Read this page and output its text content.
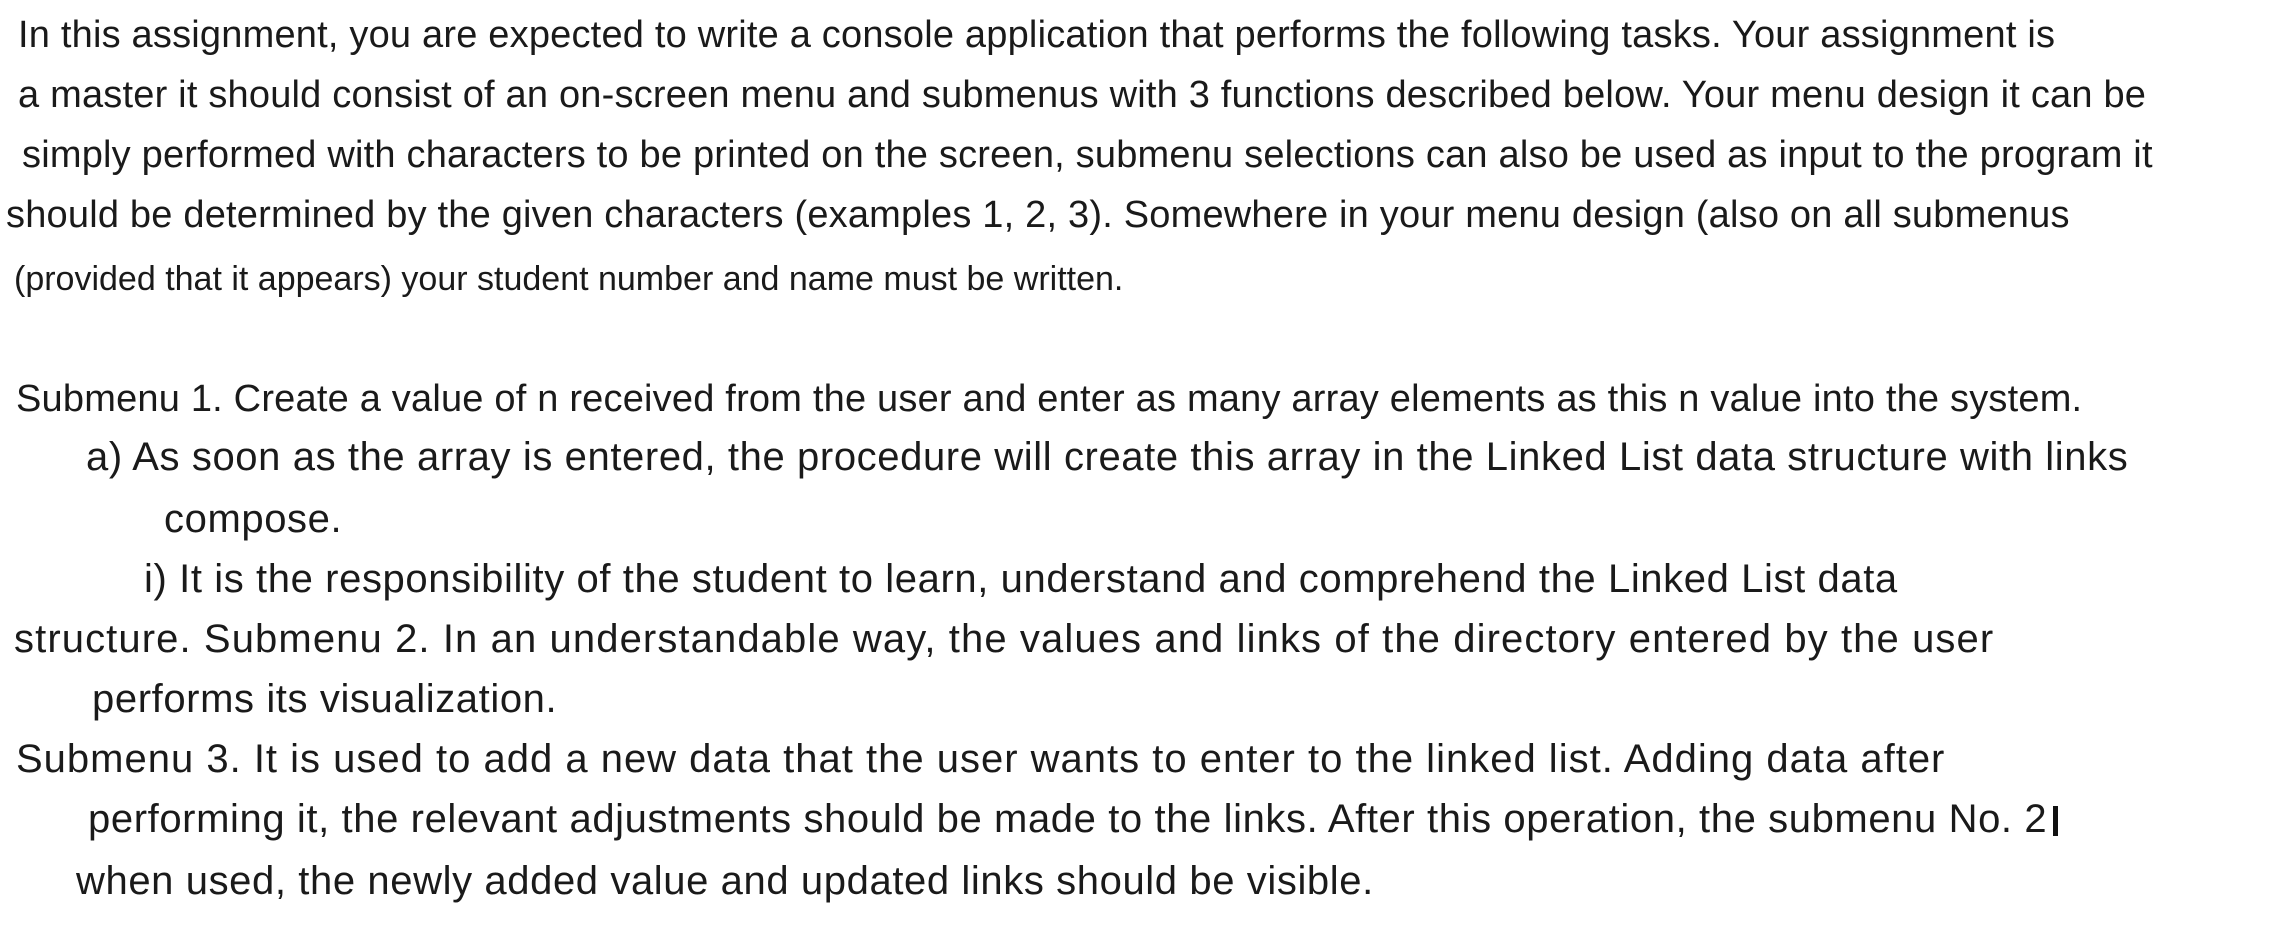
In this assignment, you are expected to write a console application that performs the following tasks. Your assignment is
a master it should consist of an on-screen menu and submenus with 3 functions described below. Your menu design it can be
simply performed with characters to be printed on the screen, submenu selections can also be used as input to the program it
should be determined by the given characters (examples 1, 2, 3). Somewhere in your menu design (also on all submenus
(provided that it appears) your student number and name must be written.
Submenu 1. Create a value of n received from the user and enter as many array elements as this n value into the system.
a) As soon as the array is entered, the procedure will create this array in the Linked List data structure with links
compose.
i) It is the responsibility of the student to learn, understand and comprehend the Linked List data
structure. Submenu 2. In an understandable way, the values and links of the directory entered by the user
performs its visualization.
Submenu 3. It is used to add a new data that the user wants to enter to the linked list. Adding data after
performing it, the relevant adjustments should be made to the links. After this operation, the submenu No. 2
when used, the newly added value and updated links should be visible.
